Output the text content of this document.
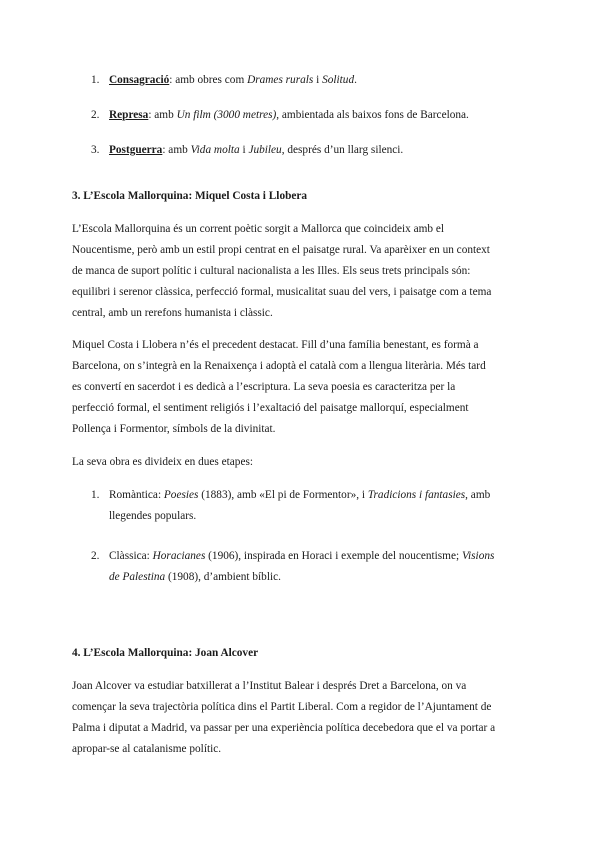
1. Consagració: amb obres com Drames rurals i Solitud.
2. Represa: amb Un film (3000 metres), ambientada als baixos fons de Barcelona.
3. Postguerra: amb Vida molta i Jubileu, després d’un llarg silenci.
3. L’Escola Mallorquina: Miquel Costa i Llobera
L’Escola Mallorquina és un corrent poètic sorgit a Mallorca que coincideix amb el
Noucentisme, però amb un estil propi centrat en el paisatge rural. Va aparèixer en un context
de manca de suport polític i cultural nacionalista a les Illes. Els seus trets principals són:
equilibri i serenor clàssica, perfecció formal, musicalitat suau del vers, i paisatge com a tema
central, amb un rerefons humanista i clàssic.
Miquel Costa i Llobera n’és el precedent destacat. Fill d’una família benestant, es formà a
Barcelona, on s’integrà en la Renaixença i adoptà el català com a llengua literària. Més tard
es convertí en sacerdot i es dedicà a l’escriptura. La seva poesia es caracteritza per la
perfecció formal, el sentiment religiós i l’exaltació del paisatge mallorquí, especialment
Pollença i Formentor, símbols de la divinitat.
La seva obra es divideix en dues etapes:
1. Romàntica: Poesies (1883), amb «El pi de Formentor», i Tradicions i fantasies, amb
llegendes populars.
2. Clàssica: Horacianes (1906), inspirada en Horaci i exemple del noucentisme; Visions
de Palestina (1908), d’ambient bíblic.
4. L’Escola Mallorquina: Joan Alcover
Joan Alcover va estudiar batxillerat a l’Institut Balear i després Dret a Barcelona, on va
començar la seva trajectòria política dins el Partit Liberal. Com a regidor de l’Ajuntament de
Palma i diputat a Madrid, va passar per una experiència política decebedora que el va portar a
apropar-se al catalanisme polític.
